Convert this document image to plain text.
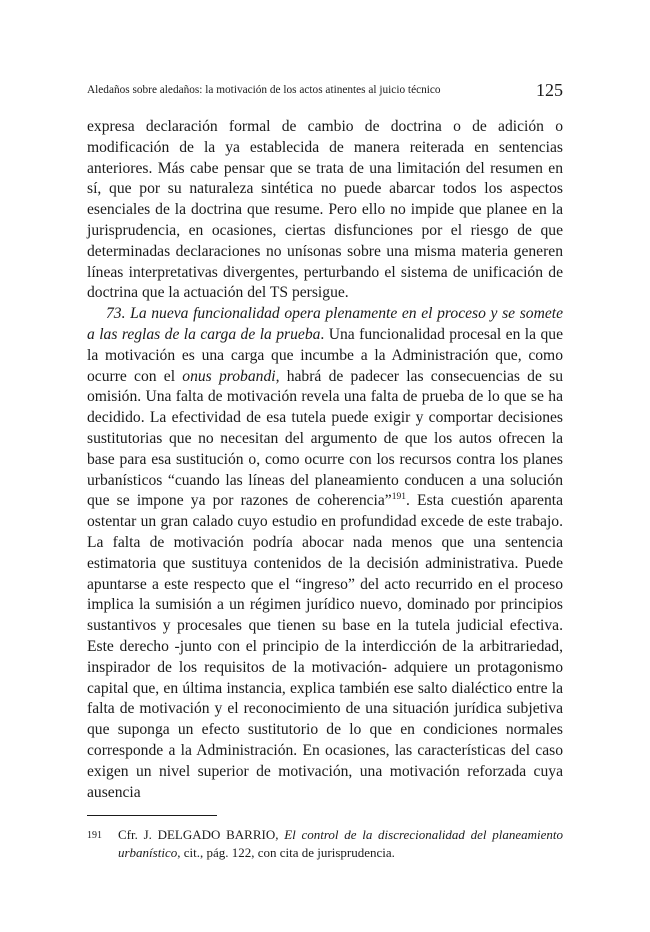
Aledaños sobre aledaños: la motivación de los actos atinentes al juicio técnico	125

expresa declaración formal de cambio de doctrina o de adición o modificación de la ya establecida de manera reiterada en sentencias anteriores. Más cabe pensar que se trata de una limitación del resumen en sí, que por su naturaleza sintética no puede abarcar todos los aspectos esenciales de la doctrina que resume. Pero ello no impide que planee en la jurisprudencia, en ocasiones, ciertas disfunciones por el riesgo de que determinadas declaraciones no unísonas sobre una misma materia generen líneas interpretativas divergentes, perturbando el sistema de unificación de doctrina que la actuación del TS persigue.

73. La nueva funcionalidad opera plenamente en el proceso y se somete a las reglas de la carga de la prueba. Una funcionalidad procesal en la que la motivación es una carga que incumbe a la Administración que, como ocurre con el onus probandi, habrá de padecer las consecuencias de su omisión. Una falta de motivación revela una falta de prueba de lo que se ha decidido. La efectividad de esa tutela puede exigir y comportar decisiones sustitutorias que no necesitan del argumento de que los autos ofrecen la base para esa sustitución o, como ocurre con los recursos contra los planes urbanísticos “cuando las líneas del planeamiento conducen a una solución que se impone ya por razones de coherencia”$^{191}$. Esta cuestión aparenta ostentar un gran calado cuyo estudio en profundidad excede de este trabajo. La falta de motivación podría abocar nada menos que una sentencia estimatoria que sustituya contenidos de la decisión administrativa. Puede apuntarse a este respecto que el “ingreso” del acto recurrido en el proceso implica la sumisión a un régimen jurídico nuevo, dominado por principios sustantivos y procesales que tienen su base en la tutela judicial efectiva. Este derecho -junto con el principio de la interdicción de la arbitrariedad, inspirador de los requisitos de la motivación- adquiere un protagonismo capital que, en última instancia, explica también ese salto dialéctico entre la falta de motivación y el reconocimiento de una situación jurídica subjetiva que suponga un efecto sustitutorio de lo que en condiciones normales corresponde a la Administración. En ocasiones, las características del caso exigen un nivel superior de motivación, una motivación reforzada cuya ausencia

191 Cfr. J. DELGADO BARRIO, El control de la discrecionalidad del planeamiento urbanístico, cit., pág. 122, con cita de jurisprudencia.
